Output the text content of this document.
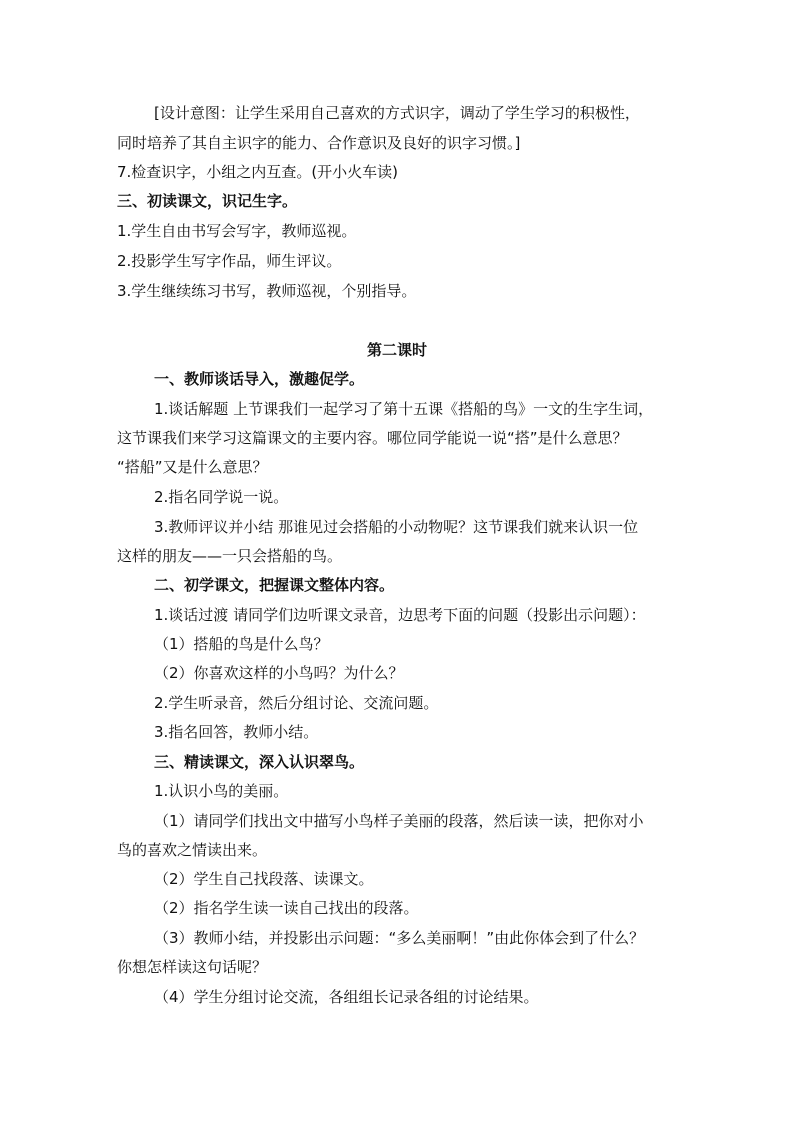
[设计意图：让学生采用自己喜欢的方式识字，调动了学生学习的积极性，
同时培养了其自主识字的能力、合作意识及良好的识字习惯。]
7.检查识字，小组之内互查。(开小火车读)
三、初读课文，识记生字。
1.学生自由书写会写字，教师巡视。
2.投影学生写字作品，师生评议。
3.学生继续练习书写，教师巡视，个别指导。
第二课时
一、教师谈话导入，激趣促学。
1.谈话解题 上节课我们一起学习了第十五课《搭船的鸟》一文的生字生词，
这节课我们来学习这篇课文的主要内容。哪位同学能说一说“搭”是什么意思？
“搭船”又是什么意思？
2.指名同学说一说。
3.教师评议并小结 那谁见过会搭船的小动物呢？这节课我们就来认识一位
这样的朋友——一只会搭船的鸟。
二、初学课文，把握课文整体内容。
1.谈话过渡 请同学们边听课文录音，边思考下面的问题（投影出示问题）：
（1）搭船的鸟是什么鸟？
（2）你喜欢这样的小鸟吗？为什么？
2.学生听录音，然后分组讨论、交流问题。
3.指名回答，教师小结。
三、精读课文，深入认识翠鸟。
1.认识小鸟的美丽。
（1）请同学们找出文中描写小鸟样子美丽的段落，然后读一读，把你对小
鸟的喜欢之情读出来。
（2）学生自己找段落、读课文。
（2）指名学生读一读自己找出的段落。
（3）教师小结，并投影出示问题：“多么美丽啊！”由此你体会到了什么？
你想怎样读这句话呢？
（4）学生分组讨论交流，各组组长记录各组的讨论结果。
